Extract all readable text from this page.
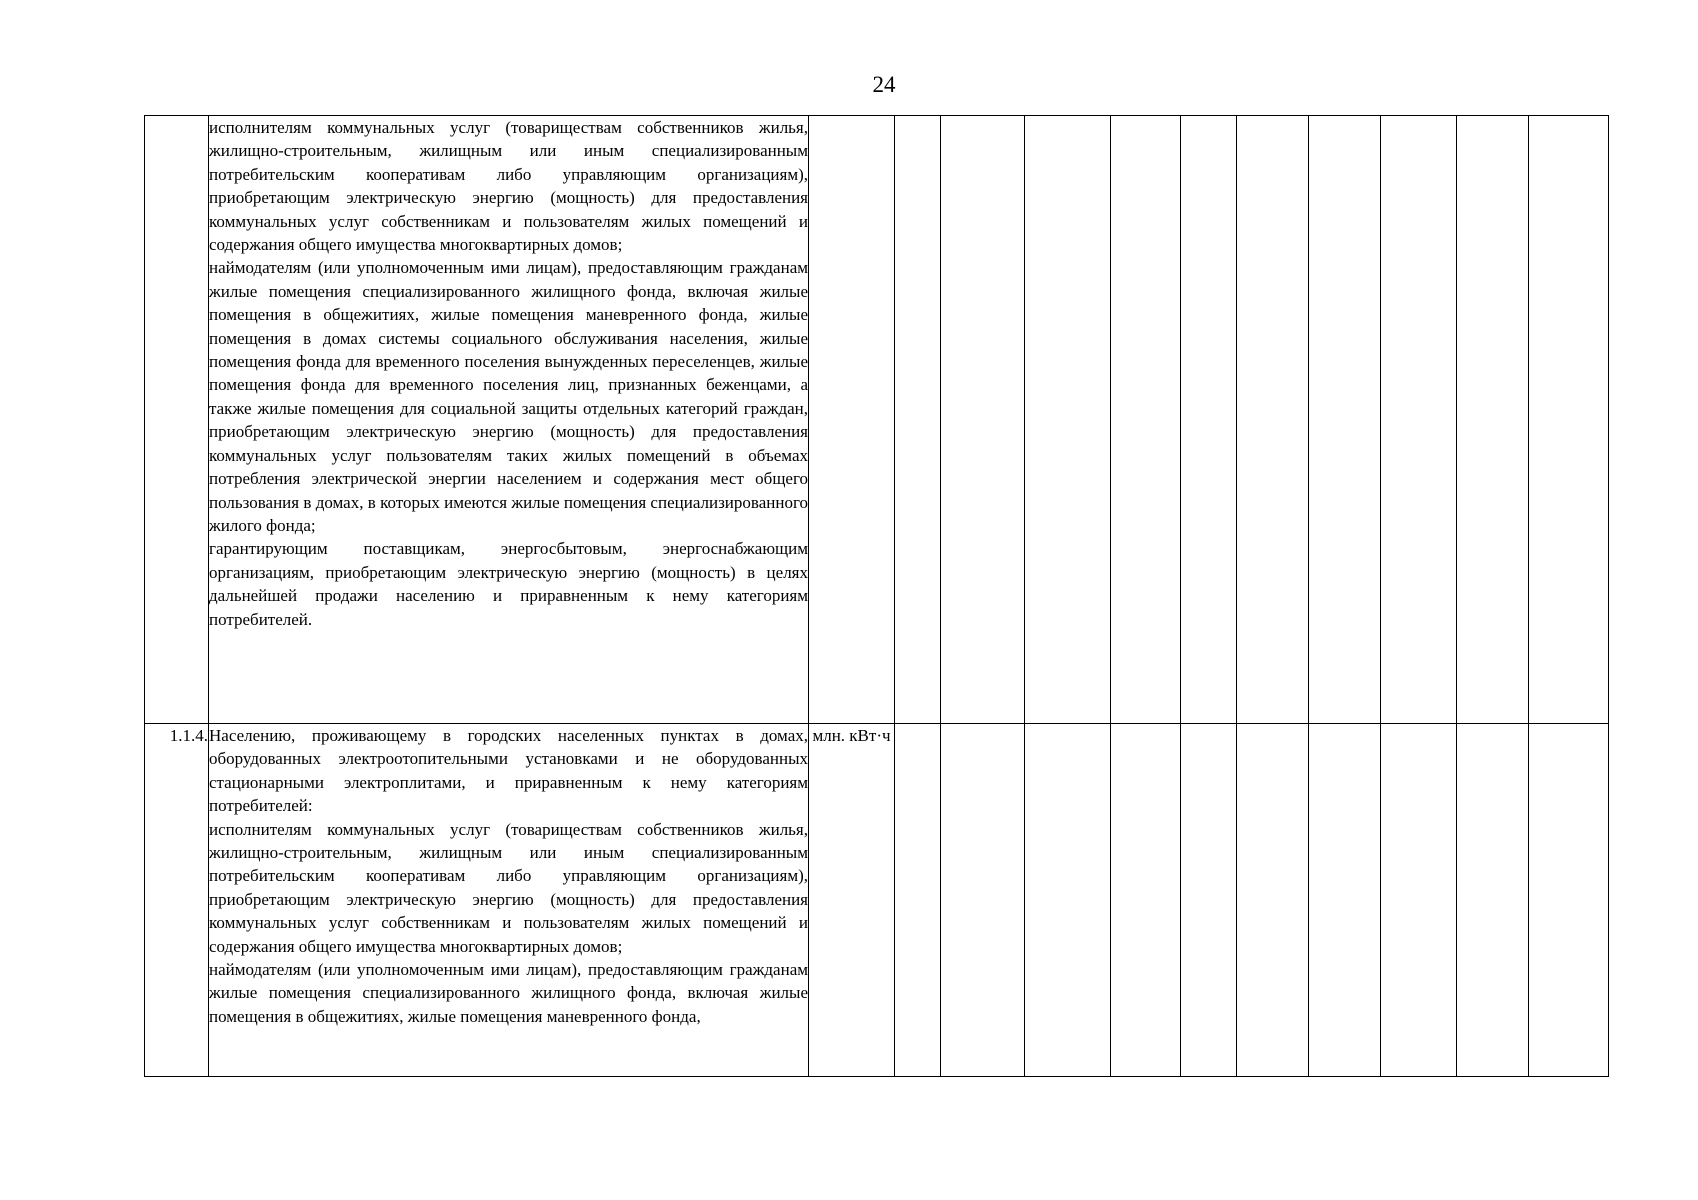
24

	исполнителям коммунальных услуг (товариществам собственников жилья, жилищно-строительным, жилищным или иным специализированным потребительским кооперативам либо управляющим организациям), приобретающим электрическую энергию (мощность) для предоставления коммунальных услуг собственникам и пользователям жилых помещений и содержания общего имущества многоквартирных домов;
наймодателям (или уполномоченным ими лицам), предоставляющим гражданам жилые помещения специализированного жилищного фонда, включая жилые помещения в общежитиях, жилые помещения маневренного фонда, жилые помещения в домах системы социального обслуживания населения, жилые помещения фонда для временного поселения вынужденных переселенцев, жилые помещения фонда для временного поселения лиц, признанных беженцами, а также жилые помещения для социальной защиты отдельных категорий граждан, приобретающим электрическую энергию (мощность) для предоставления коммунальных услуг пользователям таких жилых помещений в объемах потребления электрической энергии населением и содержания мест общего пользования в домах, в которых имеются жилые помещения специализированного жилого фонда;
гарантирующим поставщикам, энергосбытовым, энергоснабжающим организациям, приобретающим электрическую энергию (мощность) в целях дальнейшей продажи населению и приравненным к нему категориям потребителей.											

1.1.4.	Населению, проживающему в городских населенных пунктах в домах, оборудованных электроотопительными установками и не оборудованных стационарными электроплитами, и приравненным к нему категориям потребителей:
исполнителям коммунальных услуг (товариществам собственников жилья, жилищно-строительным, жилищным или иным специализированным потребительским кооперативам либо управляющим организациям), приобретающим электрическую энергию (мощность) для предоставления коммунальных услуг собственникам и пользователям жилых помещений и содержания общего имущества многоквартирных домов;
наймодателям (или уполномоченным ими лицам), предоставляющим гражданам жилые помещения специализированного жилищного фонда, включая жилые помещения в общежитиях, жилые помещения маневренного фонда,	млн. кВт·ч										
